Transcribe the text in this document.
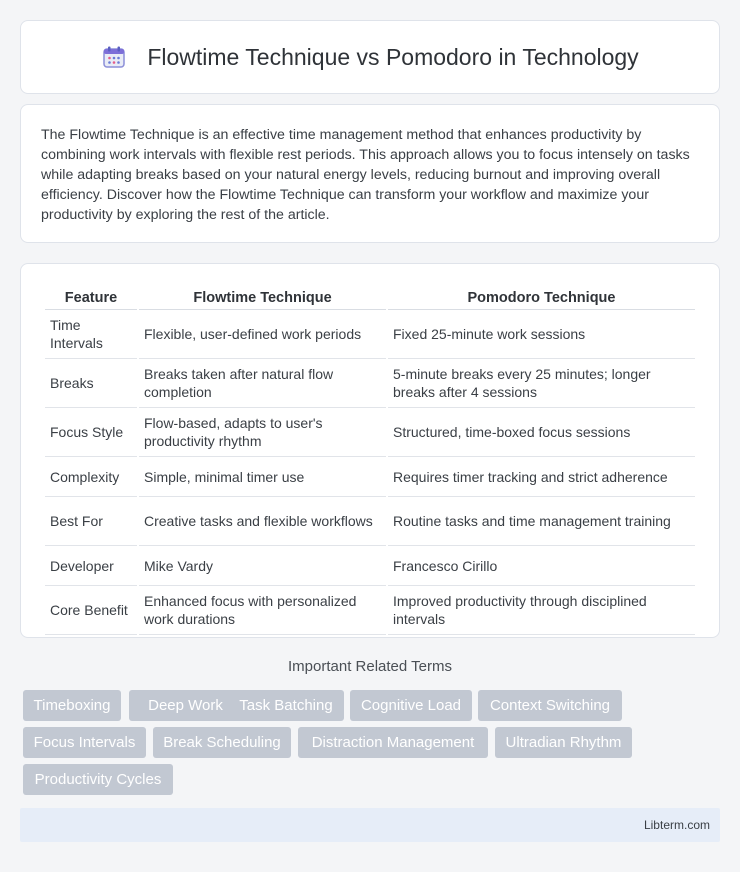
Flowtime Technique vs Pomodoro in Technology

The Flowtime Technique is an effective time management method that enhances productivity by combining work intervals with flexible rest periods. This approach allows you to focus intensely on tasks while adapting breaks based on your natural energy levels, reducing burnout and improving overall efficiency. Discover how the Flowtime Technique can transform your workflow and maximize your productivity by exploring the rest of the article.

Feature	Flowtime Technique	Pomodoro Technique
Time Intervals	Flexible, user-defined work periods	Fixed 25-minute work sessions
Breaks	Breaks taken after natural flow completion	5-minute breaks every 25 minutes; longer breaks after 4 sessions
Focus Style	Flow-based, adapts to user's productivity rhythm	Structured, time-boxed focus sessions
Complexity	Simple, minimal timer use	Requires timer tracking and strict adherence
Best For	Creative tasks and flexible workflows	Routine tasks and time management training
Developer	Mike Vardy	Francesco Cirillo
Core Benefit	Enhanced focus with personalized work durations	Improved productivity through disciplined intervals
Important Related Terms
Timeboxing	Deep Work	Task Batching	Cognitive Load	Context Switching
Focus Intervals	Break Scheduling	Distraction Management	Ultradian Rhythm
Productivity Cycles
Libterm.com
